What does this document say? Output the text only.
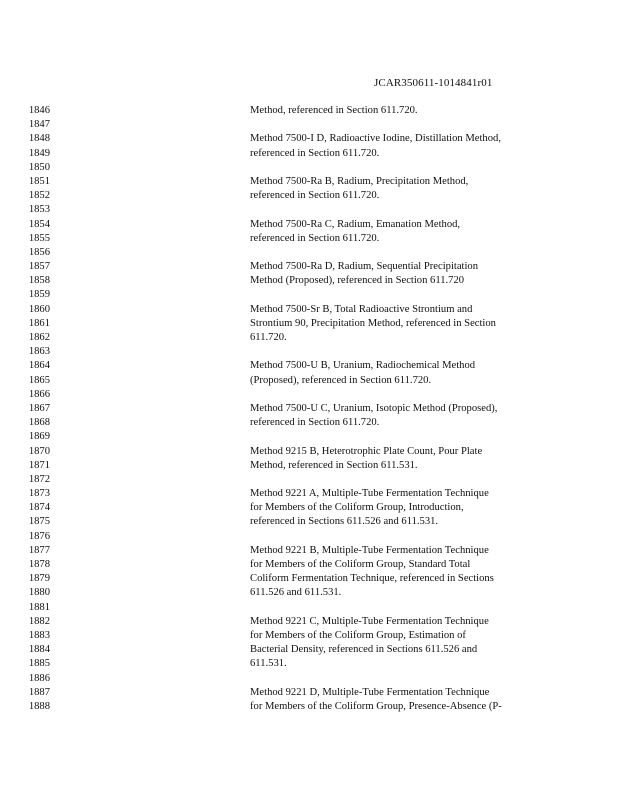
JCAR350611-1014841r01
1846
1847
1848
1849
1850
1851
1852
1853
1854
1855
1856
1857
1858
1859
1860
1861
1862
1863
1864
1865
1866
1867
1868
1869
1870
1871
1872
1873
1874
1875
1876
1877
1878
1879
1880
1881
1882
1883
1884
1885
1886
1887
1888
Method, referenced in Section 611.720.
Method 7500-I D, Radioactive Iodine, Distillation Method,
referenced in Section 611.720.
Method 7500-Ra B, Radium, Precipitation Method,
referenced in Section 611.720.
Method 7500-Ra C, Radium, Emanation Method,
referenced in Section 611.720.
Method 7500-Ra D, Radium, Sequential Precipitation
Method (Proposed), referenced in Section 611.720
Method 7500-Sr B, Total Radioactive Strontium and
Strontium 90, Precipitation Method, referenced in Section
611.720.
Method 7500-U B, Uranium, Radiochemical Method
(Proposed), referenced in Section 611.720.
Method 7500-U C, Uranium, Isotopic Method (Proposed),
referenced in Section 611.720.
Method 9215 B, Heterotrophic Plate Count, Pour Plate
Method, referenced in Section 611.531.
Method 9221 A, Multiple-Tube Fermentation Technique
for Members of the Coliform Group, Introduction,
referenced in Sections 611.526 and 611.531.
Method 9221 B, Multiple-Tube Fermentation Technique
for Members of the Coliform Group, Standard Total
Coliform Fermentation Technique, referenced in Sections
611.526 and 611.531.
Method 9221 C, Multiple-Tube Fermentation Technique
for Members of the Coliform Group, Estimation of
Bacterial Density, referenced in Sections 611.526 and
611.531.
Method 9221 D, Multiple-Tube Fermentation Technique
for Members of the Coliform Group, Presence-Absence (P-
